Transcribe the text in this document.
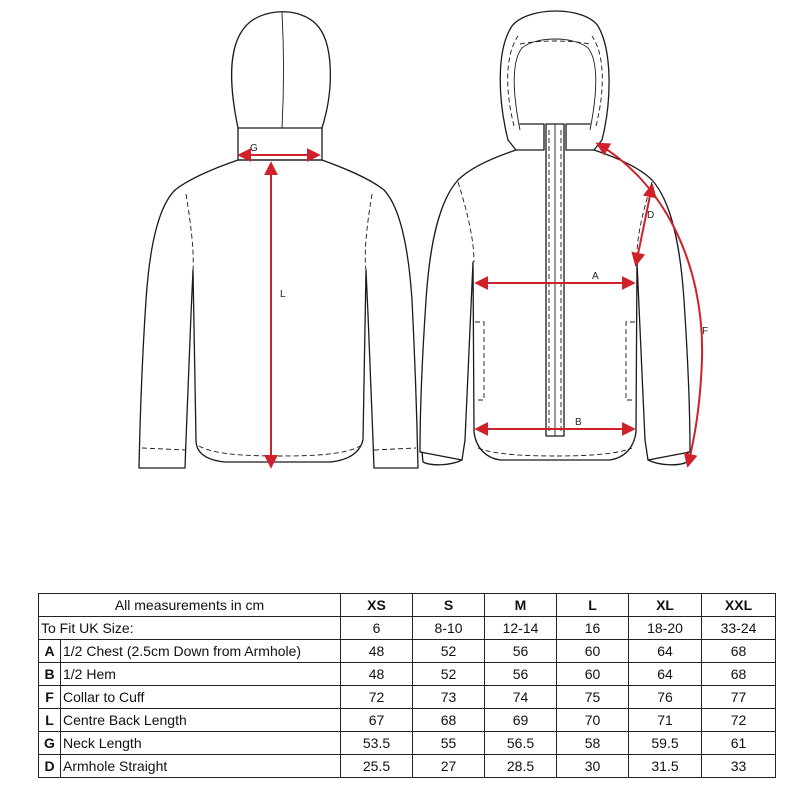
G
L
A
B
D
F
All measurements in cm		XS	S	M	L	XL	XXL
To Fit UK Size:		6	8-10	12-14	16	18-20	33-24
A	1/2 Chest (2.5cm Down from Armhole)	48	52	56	60	64	68
B	1/2 Hem	48	52	56	60	64	68
F	Collar to Cuff	72	73	74	75	76	77
L	Centre Back Length	67	68	69	70	71	72
G	Neck Length	53.5	55	56.5	58	59.5	61
D	Armhole Straight	25.5	27	28.5	30	31.5	33
